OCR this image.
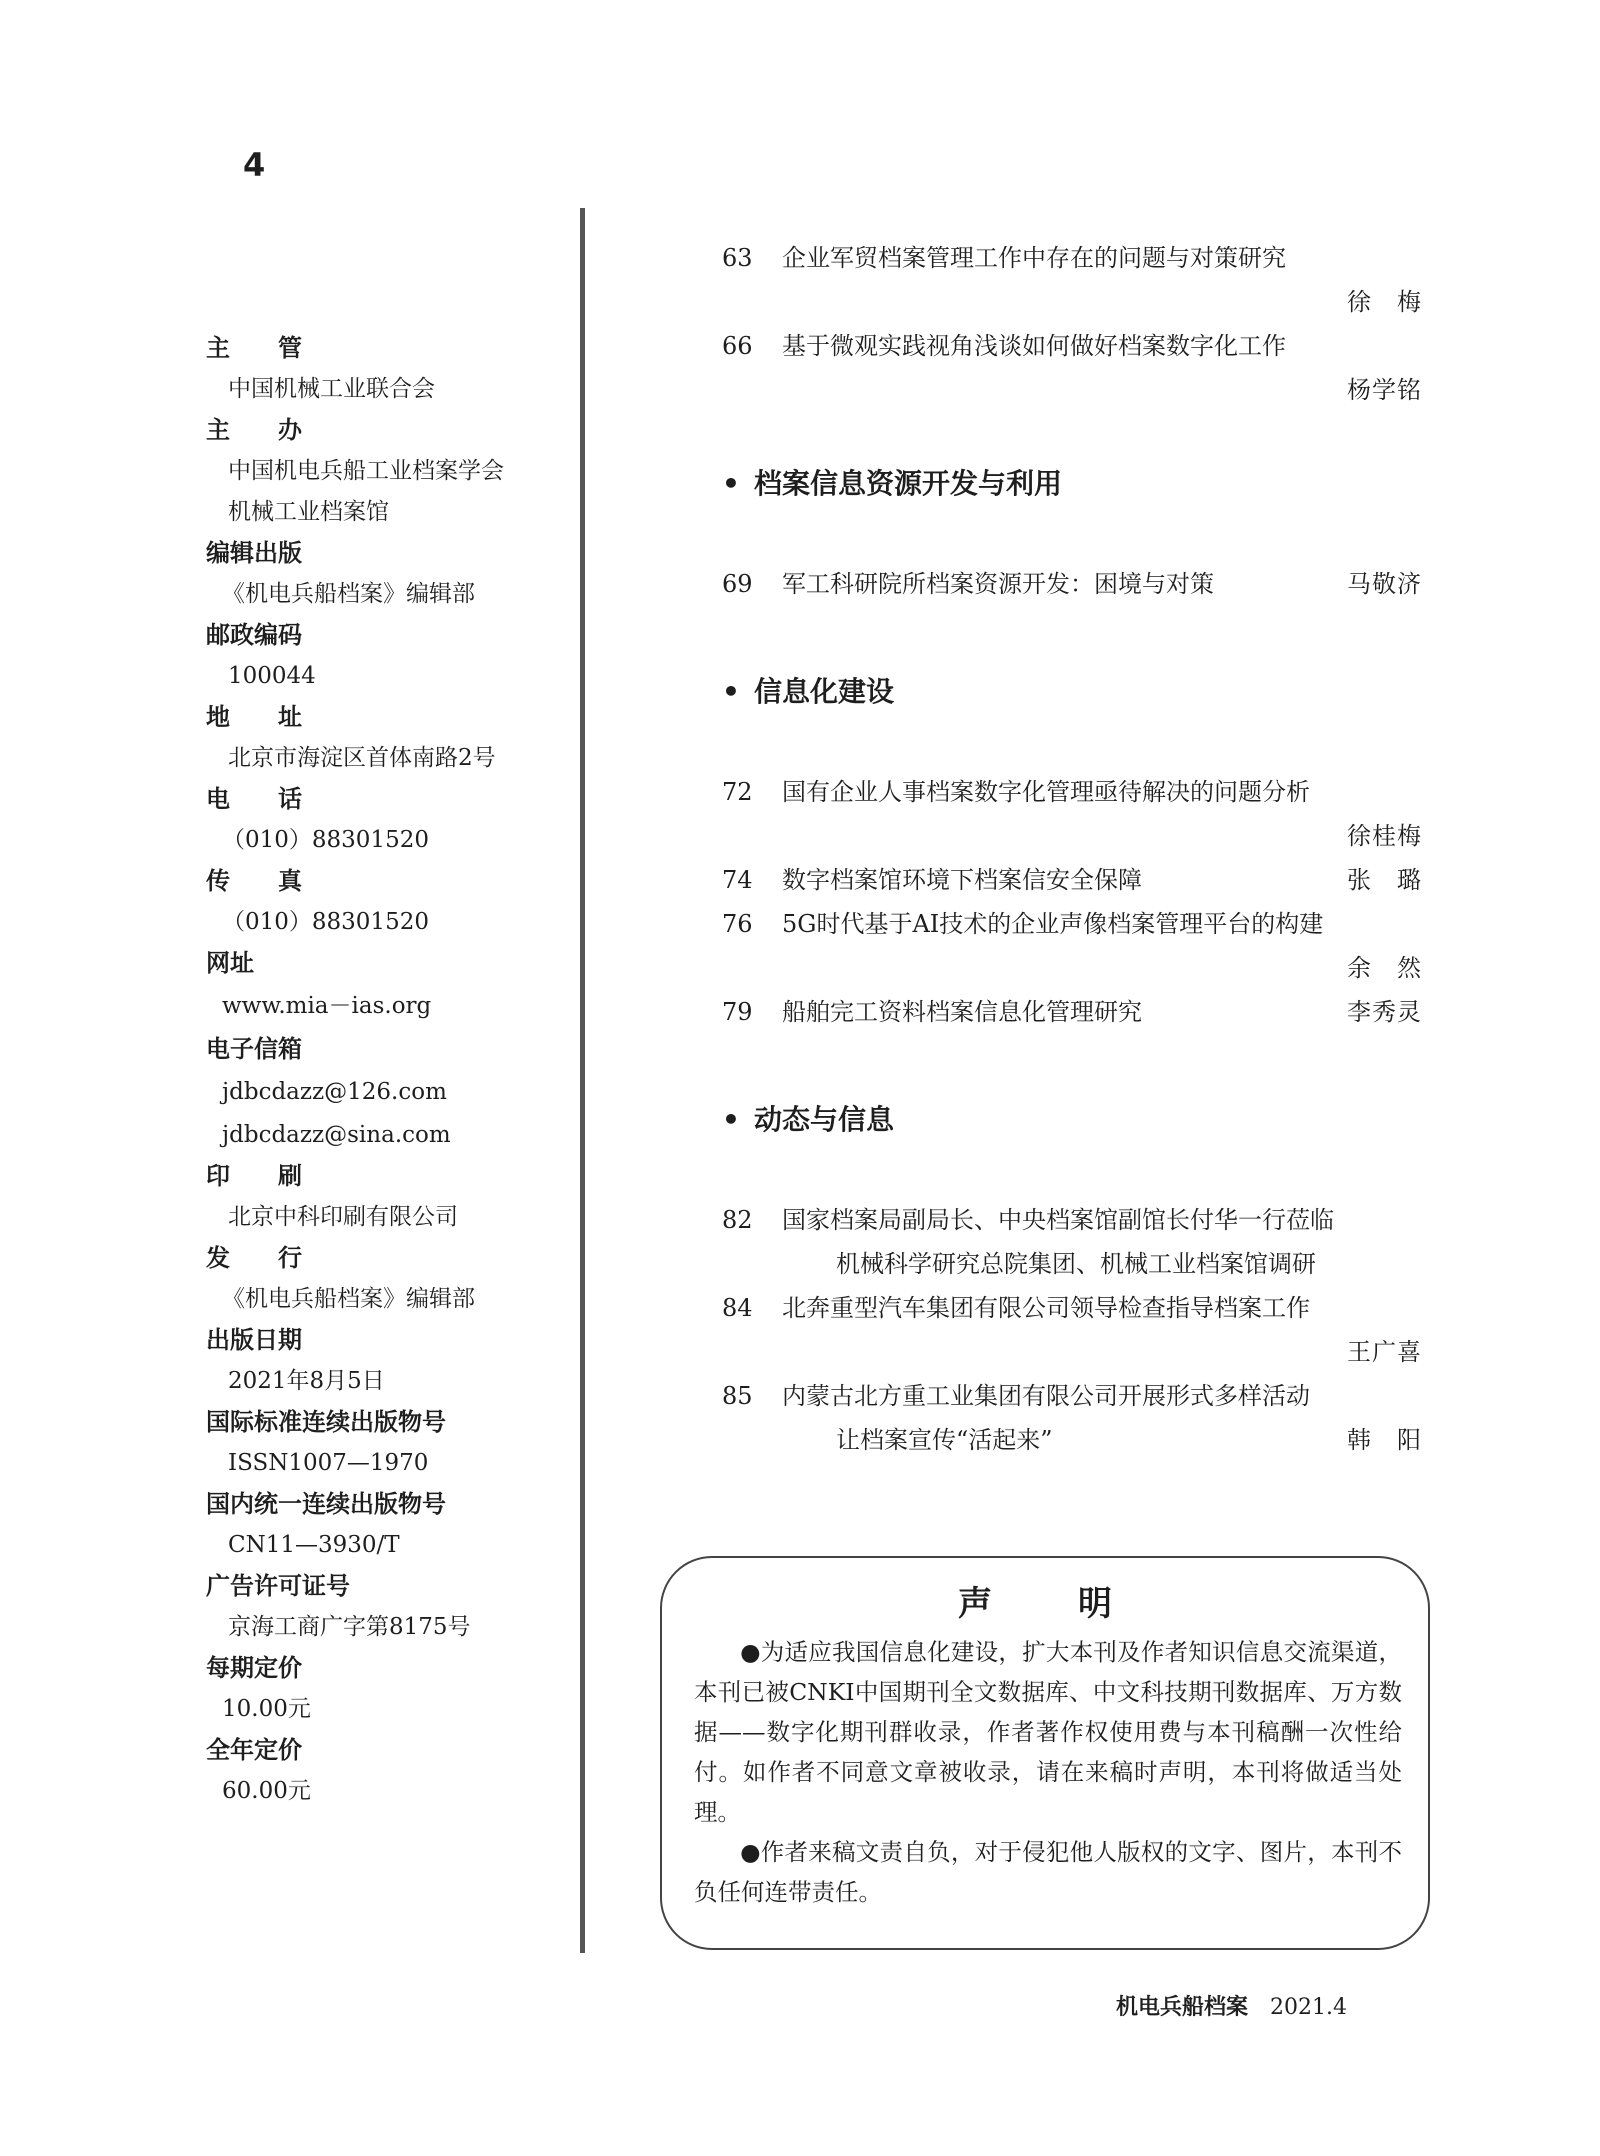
4
主　　管
中国机械工业联合会
主　　办
中国机电兵船工业档案学会
机械工业档案馆
编辑出版
《机电兵船档案》编辑部
邮政编码
100044
地　　址
北京市海淀区首体南路2号
电　　话
（010）88301520
传　　真
（010）88301520
网址
www.mia－ias.org
电子信箱
jdbcdazz@126.com
jdbcdazz@sina.com
印　　刷
北京中科印刷有限公司
发　　行
《机电兵船档案》编辑部
出版日期
2021年8月5日
国际标准连续出版物号
ISSN1007—1970
国内统一连续出版物号
CN11—3930/T
广告许可证号
京海工商广字第8175号
每期定价
10.00元
全年定价
60.00元
63	企业军贸档案管理工作中存在的问题与对策研究
徐　梅
66	基于微观实践视角浅谈如何做好档案数字化工作
杨学铭
• 档案信息资源开发与利用
69	军工科研院所档案资源开发：困境与对策	马敬济
• 信息化建设
72	国有企业人事档案数字化管理亟待解决的问题分析
徐桂梅
74	数字档案馆环境下档案信安全保障	张　璐
76	5G时代基于AI技术的企业声像档案管理平台的构建
余　然
79	船舶完工资料档案信息化管理研究	李秀灵
• 动态与信息
82	国家档案局副局长、中央档案馆副馆长付华一行莅临
机械科学研究总院集团、机械工业档案馆调研
84	北奔重型汽车集团有限公司领导检查指导档案工作
王广喜
85	内蒙古北方重工业集团有限公司开展形式多样活动
让档案宣传“活起来”	韩　阳
声　明

●为适应我国信息化建设，扩大本刊及作者知识信息交流渠道，本刊已被CNKI中国期刊全文数据库、中文科技期刊数据库、万方数据——数字化期刊群收录，作者著作权使用费与本刊稿酬一次性给付。如作者不同意文章被收录，请在来稿时声明，本刊将做适当处理。

●作者来稿文责自负，对于侵犯他人版权的文字、图片，本刊不负任何连带责任。

机电兵船档案 2021.4
